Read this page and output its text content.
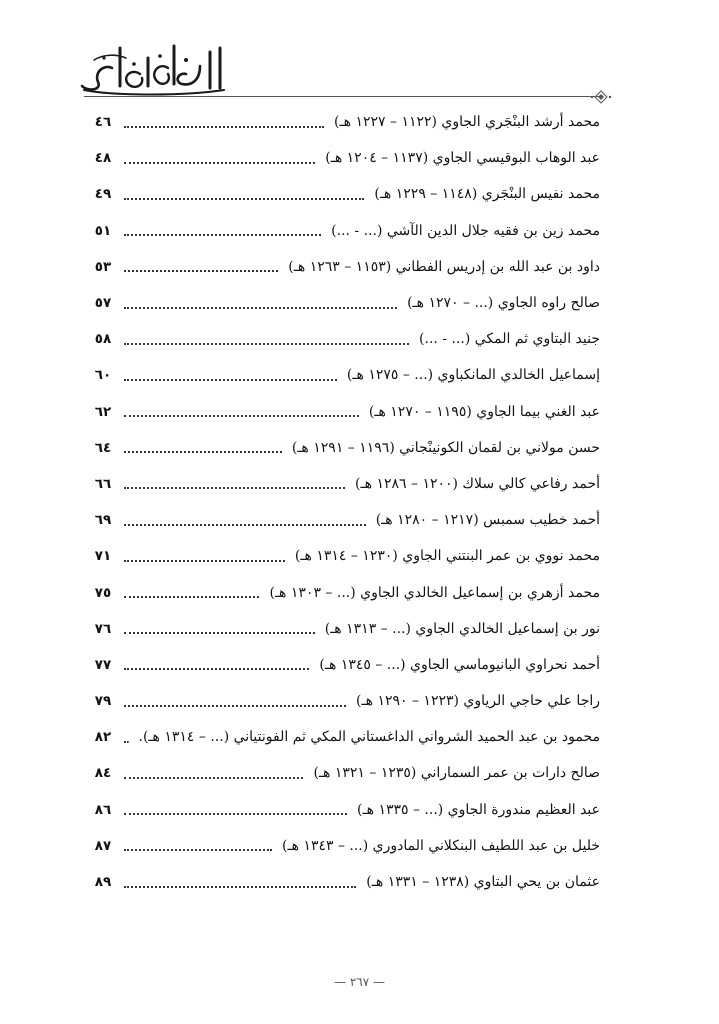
محمد أرشد البنْجَري الجاوي (١١٢٢ – ١٢٢٧ هـ)
٤٦
عبد الوهاب البوقيسي الجاوي (١١٣٧ – ١٢٠٤ هـ)
٤٨
محمد نفيس البنْجَري (١١٤٨ – ١٢٢٩ هـ)
٤٩
محمد زين بن فقيه جلال الدين الآشي (... - ...)
٥١
داود بن عبد الله بن إدريس الفطاني (١١٥٣ – ١٢٦٣ هـ)
٥٣
صالح راوه الجاوي (... – ١٢٧٠ هـ)
٥٧
جنيد البتاوي ثم المكي (... - ...)
٥٨
إسماعيل الخالدي المانكباوي (... – ١٢٧٥ هـ)
٦٠
عبد الغني بيما الجاوي (١١٩٥ – ١٢٧٠ هـ)
٦٢
حسن مولاني بن لقمان الكونينْجاني (١١٩٦ – ١٢٩١ هـ)
٦٤
أحمد رفاعي كالي سلاك (١٢٠٠ – ١٢٨٦ هـ)
٦٦
أحمد خطيب سمبس (١٢١٧ – ١٢٨٠ هـ)
٦٩
محمد نووي بن عمر البنتني الجاوي (١٢٣٠ – ١٣١٤ هـ)
٧١
محمد أزهري بن إسماعيل الخالدي الجاوي (... – ١٣٠٣ هـ)
٧٥
نور بن إسماعيل الخالدي الجاوي (... – ١٣١٣ هـ)
٧٦
أحمد نحراوي البانيوماسي الجاوي (... – ١٣٤٥ هـ)
٧٧
راجا علي حاجي الرياوي (١٢٢٣ – ١٢٩٠ هـ)
٧٩
محمود بن عبد الحميد الشرواني الداغستاني المكي ثم الفونتياني (... – ١٣١٤ هـ).
٨٢
صالح دارات بن عمر السماراني (١٢٣٥ – ١٣٢١ هـ)
٨٤
عبد العظيم مندورة الجاوي (... – ١٣٣٥ هـ)
٨٦
خليل بن عبد اللطيف البنكلاني المادوري (... – ١٣٤٣ هـ)
٨٧
عثمان بن يحي البتاوي (١٢٣٨ – ١٣٣١ هـ)
٨٩
— ٢٦٧ —
